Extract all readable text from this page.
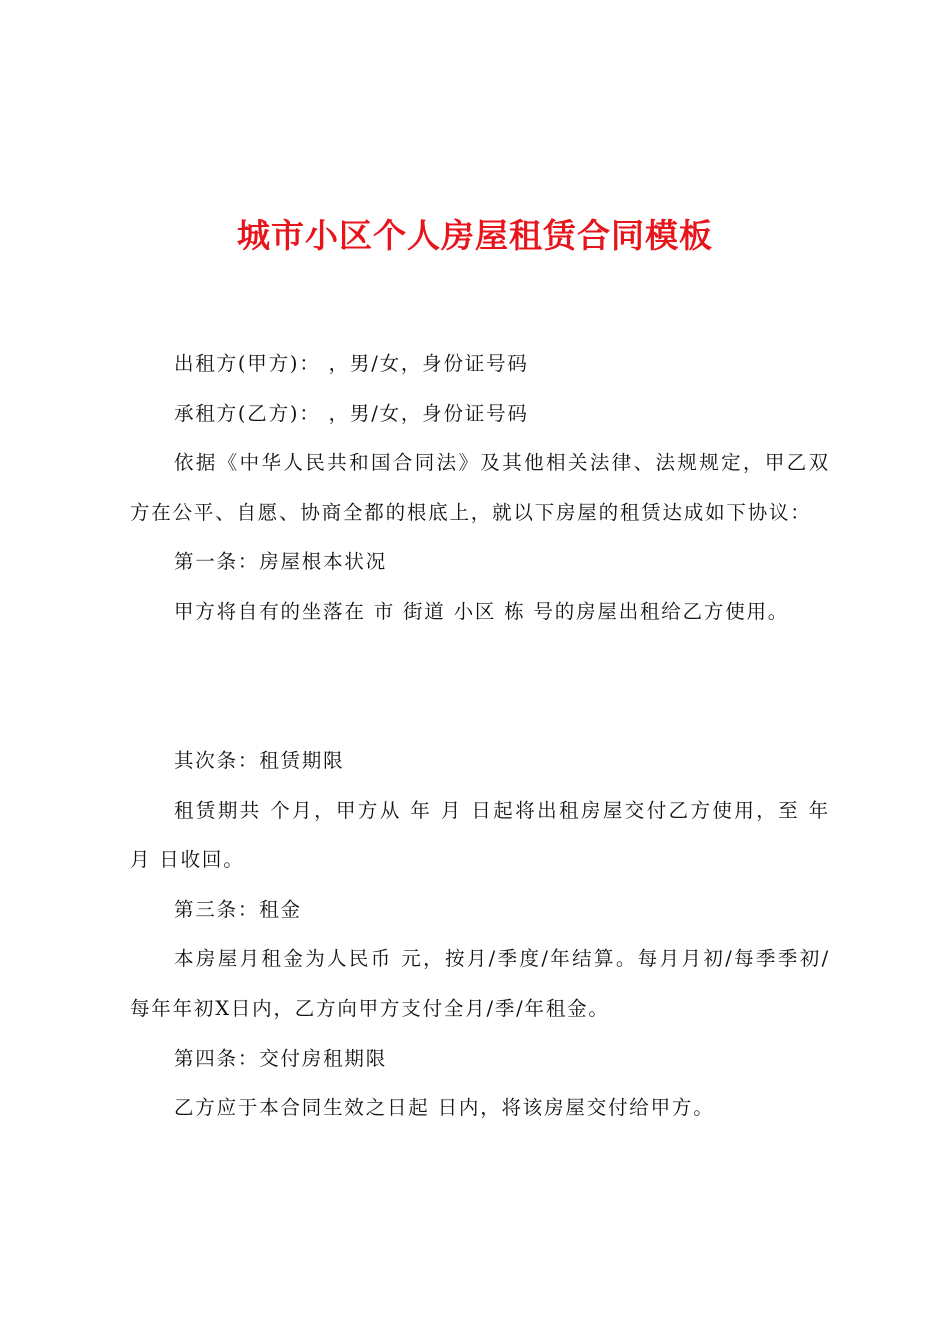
城市小区个人房屋租赁合同模板

出租方(甲方)： ，男/女，身份证号码

承租方(乙方)： ，男/女，身份证号码

依据《中华人民共和国合同法》及其他相关法律、法规规定，甲乙双方在公平、自愿、协商全都的根底上，就以下房屋的租赁达成如下协议：

第一条：房屋根本状况

甲方将自有的坐落在 市 街道 小区 栋 号的房屋出租给乙方使用。

其次条：租赁期限

租赁期共 个月，甲方从 年 月 日起将出租房屋交付乙方使用，至 年 月 日收回。

第三条：租金

本房屋月租金为人民币 元，按月/季度/年结算。每月月初/每季季初/每年年初X日内，乙方向甲方支付全月/季/年租金。

第四条：交付房租期限

乙方应于本合同生效之日起 日内，将该房屋交付给甲方。
